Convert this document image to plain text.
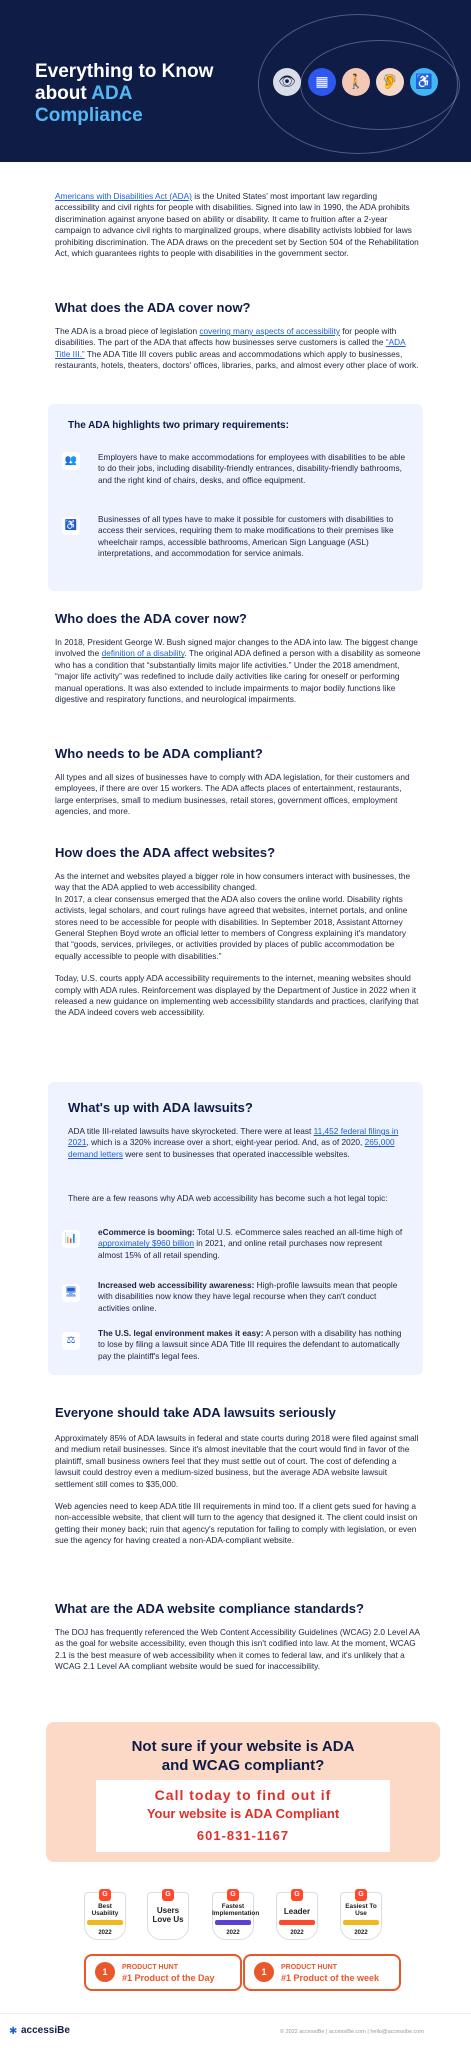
Everything to Know
about ADA Compliance
👁	▦	🚶	🦻	♿

Americans with Disabilities Act (ADA) is the United States' most important law regarding accessibility and civil rights for people with disabilities. Signed into law in 1990, the ADA prohibits discrimination against anyone based on ability or disability. It came to fruition after a 2-year campaign to advance civil rights to marginalized groups, where disability activists lobbied for laws prohibiting discrimination. The ADA draws on the precedent set by Section 504 of the Rehabilitation Act, which guarantees rights to people with disabilities in the government sector.

What does the ADA cover now?

The ADA is a broad piece of legislation covering many aspects of accessibility for people with disabilities. The part of the ADA that affects how businesses serve customers is called the “ADA Title III.” The ADA Title III covers public areas and accommodations which apply to businesses, restaurants, hotels, theaters, doctors' offices, libraries, parks, and almost every other place of work.

The ADA highlights two primary requirements:
👥	Employers have to make accommodations for employees with disabilities to be able to do their jobs, including disability-friendly entrances, disability-friendly bathrooms, and the right kind of chairs, desks, and office equipment.
♿
Businesses of all types have to make it possible for customers with disabilities to access their services, requiring them to make modifications to their premises like wheelchair ramps, accessible bathrooms, American Sign Language (ASL) interpretations, and accommodation for service animals.
Who does the ADA cover now?

In 2018, President George W. Bush signed major changes to the ADA into law. The biggest change involved the definition of a disability. The original ADA defined a person with a disability as someone who has a condition that “substantially limits major life activities.” Under the 2018 amendment, “major life activity” was redefined to include daily activities like caring for oneself or performing manual operations. It was also extended to include impairments to major bodily functions like digestive and respiratory functions, and neurological impairments.

Who needs to be ADA compliant?
All types and all sizes of businesses have to comply with ADA legislation, for their customers and employees, if there are over 15 workers. The ADA affects places of entertainment, restaurants, large enterprises, small to medium businesses, retail stores, government offices, employment agencies, and more.
How does the ADA affect websites?

As the internet and websites played a bigger role in how consumers interact with businesses, the way that the ADA applied to web accessibility changed.

In 2017, a clear consensus emerged that the ADA also covers the online world. Disability rights activists, legal scholars, and court rulings have agreed that websites, internet portals, and online stores need to be accessible for people with disabilities. In September 2018, Assistant Attorney General Stephen Boyd wrote an official letter to members of Congress explaining it's mandatory that “goods, services, privileges, or activities provided by places of public accommodation be equally accessible to people with disabilities.”

Today, U.S. courts apply ADA accessibility requirements to the internet, meaning websites should comply with ADA rules. Reinforcement was displayed by the Department of Justice in 2022 when it released a new guidance on implementing web accessibility standards and practices, clarifying that the ADA indeed covers web accessibility.

What's up with ADA lawsuits?
ADA title III-related lawsuits have skyrocketed. There were at least 11,452 federal filings in 2021, which is a 320% increase over a short, eight-year period. And, as of 2020, 265,000 demand letters were sent to businesses that operated inaccessible websites.
There are a few reasons why ADA web accessibility has become such a hot legal topic:
📊
eCommerce is booming: Total U.S. eCommerce sales reached an all-time high of approximately $960 billion in 2021, and online retail purchases now represent almost 15% of all retail spending.
🖥
Increased web accessibility awareness: High-profile lawsuits mean that people with disabilities now know they have legal recourse when they can't conduct activities online.
⚖
The U.S. legal environment makes it easy: A person with a disability has nothing to lose by filing a lawsuit since ADA Title III requires the defendant to automatically pay the plaintiff's legal fees.
Everyone should take ADA lawsuits seriously

Approximately 85% of ADA lawsuits in federal and state courts during 2018 were filed against small and medium retail businesses. Since it's almost inevitable that the court would find in favor of the plaintiff, small business owners feel that they must settle out of court. The cost of defending a lawsuit could destroy even a medium-sized business, but the average ADA website lawsuit settlement still comes to $35,000.

Web agencies need to keep ADA title III requirements in mind too. If a client gets sued for having a non-accessible website, that client will turn to the agency that designed it. The client could insist on getting their money back; ruin that agency's reputation for failing to comply with legislation, or even sue the agency for having created a non-ADA-compliant website.

What are the ADA website compliance standards?
The DOJ has frequently referenced the Web Content Accessibility Guidelines (WCAG) 2.0 Level AA as the goal for website accessibility, even though this isn't codified into law. At the moment, WCAG 2.1 is the best measure of web accessibility when it comes to federal law, and it's unlikely that a WCAG 2.1 Level AA compliant website would be sued for inaccessibility.
Not sure if your website is ADA
and WCAG compliant?
Call today to find out if
Your website is ADA Compliant
601-831-1167
G
Best Usability
2022
G
Users Love Us
G
Fastest Implementation
2022
G
Leader
2022
G
Easiest To Use
2022
1	PRODUCT HUNT
#1 Product of the Day
1	PRODUCT HUNT
#1 Product of the week
✱ accessiBe	© 2022 accessiBe | accessiBe.com | hello@accessibe.com
